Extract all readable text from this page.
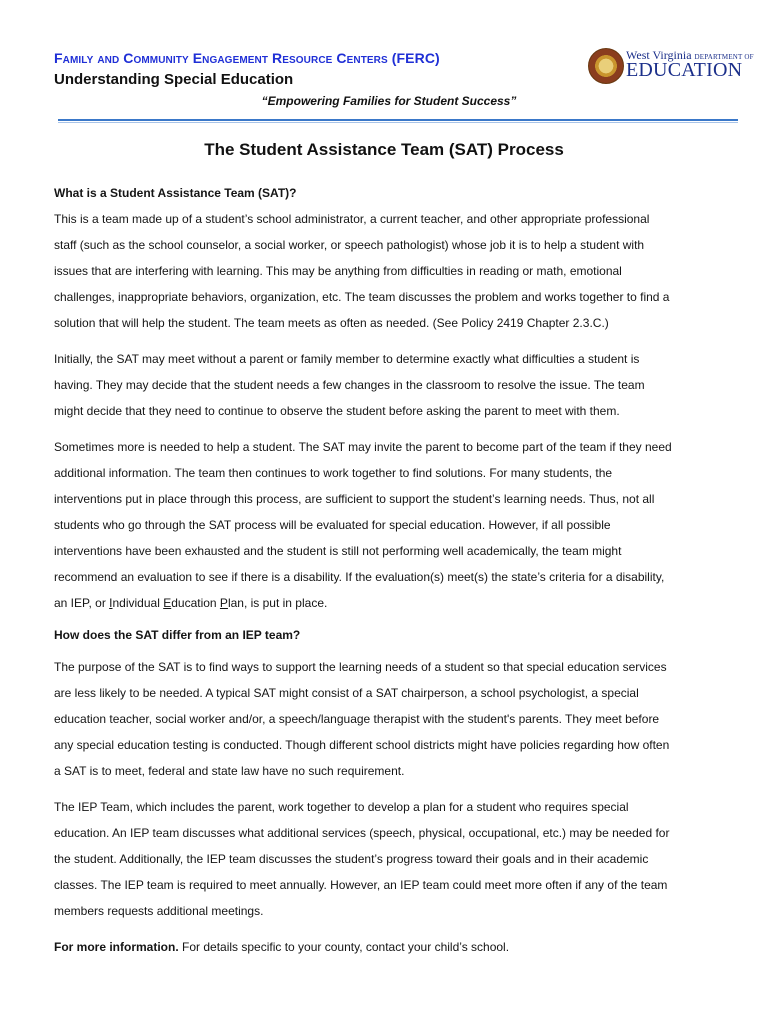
Family and Community Engagement Resource Centers (FERC)
Understanding Special Education
“Empowering Families for Student Success”
West Virginia DEPARTMENT OF
EDUCATION
The Student Assistance Team (SAT) Process

What is a Student Assistance Team (SAT)?

This is a team made up of a student’s school administrator, a current teacher, and other appropriate professional

staff (such as the school counselor, a social worker, or speech pathologist) whose job it is to help a student with

issues that are interfering with learning. This may be anything from difficulties in reading or math, emotional

challenges, inappropriate behaviors, organization, etc. The team discusses the problem and works together to find a

solution that will help the student. The team meets as often as needed. (See Policy 2419 Chapter 2.3.C.)

Initially, the SAT may meet without a parent or family member to determine exactly what difficulties a student is

having. They may decide that the student needs a few changes in the classroom to resolve the issue. The team

might decide that they need to continue to observe the student before asking the parent to meet with them.

Sometimes more is needed to help a student. The SAT may invite the parent to become part of the team if they need

additional information. The team then continues to work together to find solutions. For many students, the

interventions put in place through this process, are sufficient to support the student’s learning needs. Thus, not all

students who go through the SAT process will be evaluated for special education. However, if all possible

interventions have been exhausted and the student is still not performing well academically, the team might

recommend an evaluation to see if there is a disability. If the evaluation(s) meet(s) the state’s criteria for a disability,

an IEP, or Individual Education Plan, is put in place.

How does the SAT differ from an IEP team?

The purpose of the SAT is to find ways to support the learning needs of a student so that special education services

are less likely to be needed. A typical SAT might consist of a SAT chairperson, a school psychologist, a special

education teacher, social worker and/or, a speech/language therapist with the student's parents. They meet before

any special education testing is conducted. Though different school districts might have policies regarding how often

a SAT is to meet, federal and state law have no such requirement.

The IEP Team, which includes the parent, work together to develop a plan for a student who requires special

education. An IEP team discusses what additional services (speech, physical, occupational, etc.) may be needed for

the student. Additionally, the IEP team discusses the student’s progress toward their goals and in their academic

classes. The IEP team is required to meet annually. However, an IEP team could meet more often if any of the team

members requests additional meetings.

For more information. For details specific to your county, contact your child’s school.
